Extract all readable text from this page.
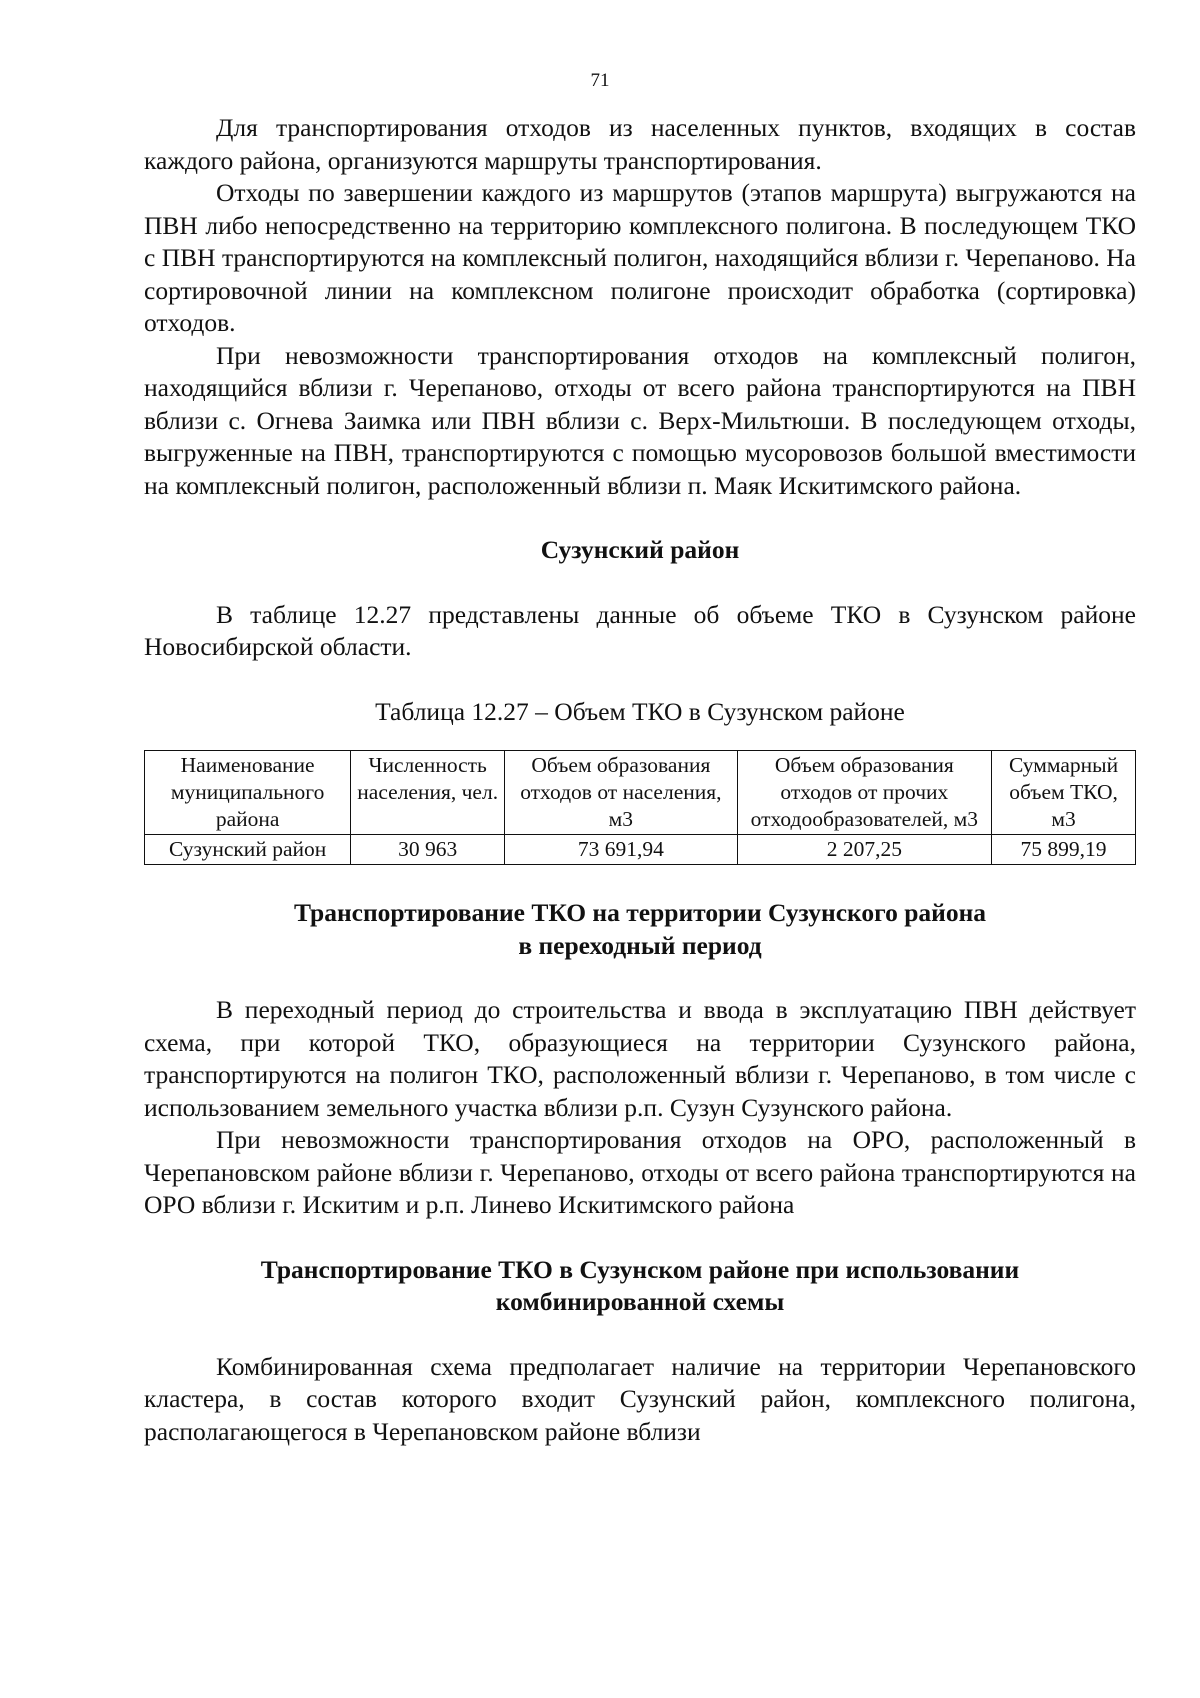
71

Для транспортирования отходов из населенных пунктов, входящих в состав каждого района, организуются маршруты транспортирования.

Отходы по завершении каждого из маршрутов (этапов маршрута) выгружаются на ПВН либо непосредственно на территорию комплексного полигона. В последующем ТКО с ПВН транспортируются на комплексный полигон, находящийся вблизи г. Черепаново. На сортировочной линии на комплексном полигоне происходит обработка (сортировка) отходов.

При невозможности транспортирования отходов на комплексный полигон, находящийся вблизи г. Черепаново, отходы от всего района транспортируются на ПВН вблизи с. Огнева Заимка или ПВН вблизи с. Верх-Мильтюши. В последующем отходы, выгруженные на ПВН, транспортируются с помощью мусоровозов большой вместимости на комплексный полигон, расположенный вблизи п. Маяк Искитимского района.

Сузунский район

В таблице 12.27 представлены данные об объеме ТКО в Сузунском районе Новосибирской области.

Таблица 12.27 – Объем ТКО в Сузунском районе
Наименование муниципального района	Численность населения, чел.	Объем образования отходов от населения, м3	Объем образования отходов от прочих отходообразователей, м3	Суммарный объем ТКО, м3
Сузунский район	30 963	73 691,94	2 207,25	75 899,19
Транспортирование ТКО на территории Сузунского района
в переходный период

В переходный период до строительства и ввода в эксплуатацию ПВН действует схема, при которой ТКО, образующиеся на территории Сузунского района, транспортируются на полигон ТКО, расположенный вблизи г. Черепаново, в том числе с использованием земельного участка вблизи р.п. Сузун Сузунского района.

При невозможности транспортирования отходов на ОРО, расположенный в Черепановском районе вблизи г. Черепаново, отходы от всего района транспортируются на ОРО вблизи г. Искитим и р.п. Линево Искитимского района

Транспортирование ТКО в Сузунском районе при использовании
комбинированной схемы

Комбинированная схема предполагает наличие на территории Черепановского кластера, в состав которого входит Сузунский район, комплексного полигона, располагающегося в Черепановском районе вблизи
